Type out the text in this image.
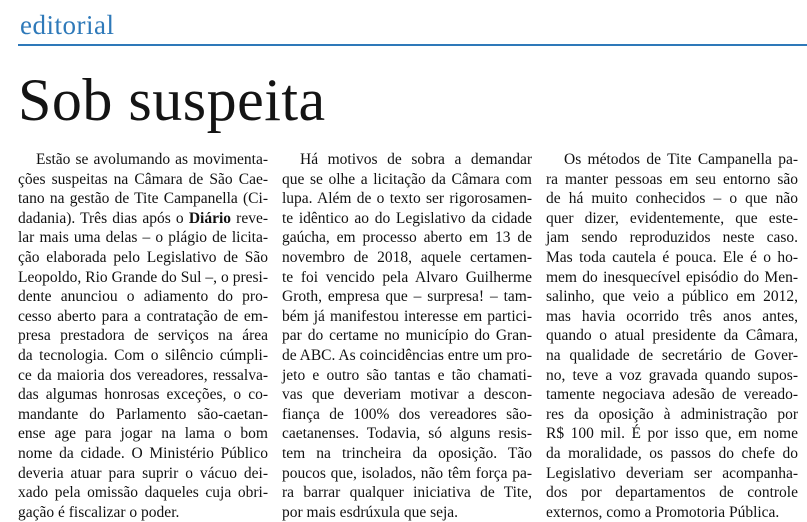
editorial
Sob suspeita
Estão se avolumando as movimenta-
ções suspeitas na Câmara de São Cae-
tano na gestão de Tite Campanella (Ci-
dadania). Três dias após o Diário reve-
lar mais uma delas – o plágio de licita-
ção elaborada pelo Legislativo de São
Leopoldo, Rio Grande do Sul –, o presi-
dente anunciou o adiamento do pro-
cesso aberto para a contratação de em-
presa prestadora de serviços na área
da tecnologia. Com o silêncio cúmpli-
ce da maioria dos vereadores, ressalva-
das algumas honrosas exceções, o co-
mandante do Parlamento são-caetan-
ense age para jogar na lama o bom
nome da cidade. O Ministério Público
deveria atuar para suprir o vácuo dei-
xado pela omissão daqueles cuja obri-
gação é fiscalizar o poder.
Há motivos de sobra a demandar
que se olhe a licitação da Câmara com
lupa. Além de o texto ser rigorosamen-
te idêntico ao do Legislativo da cidade
gaúcha, em processo aberto em 13 de
novembro de 2018, aquele certamen-
te foi vencido pela Alvaro Guilherme
Groth, empresa que – surpresa! – tam-
bém já manifestou interesse em partici-
par do certame no município do Gran-
de ABC. As coincidências entre um pro-
jeto e outro são tantas e tão chamati-
vas que deveriam motivar a descon-
fiança de 100% dos vereadores são-
caetanenses. Todavia, só alguns resis-
tem na trincheira da oposição. Tão
poucos que, isolados, não têm força pa-
ra barrar qualquer iniciativa de Tite,
por mais esdrúxula que seja.
Os métodos de Tite Campanella pa-
ra manter pessoas em seu entorno são
de há muito conhecidos – o que não
quer dizer, evidentemente, que este-
jam sendo reproduzidos neste caso.
Mas toda cautela é pouca. Ele é o ho-
mem do inesquecível episódio do Men-
salinho, que veio a público em 2012,
mas havia ocorrido três anos antes,
quando o atual presidente da Câmara,
na qualidade de secretário de Gover-
no, teve a voz gravada quando supos-
tamente negociava adesão de vereado-
res da oposição à administração por
R$ 100 mil. É por isso que, em nome
da moralidade, os passos do chefe do
Legislativo deveriam ser acompanha-
dos por departamentos de controle
externos, como a Promotoria Pública.
